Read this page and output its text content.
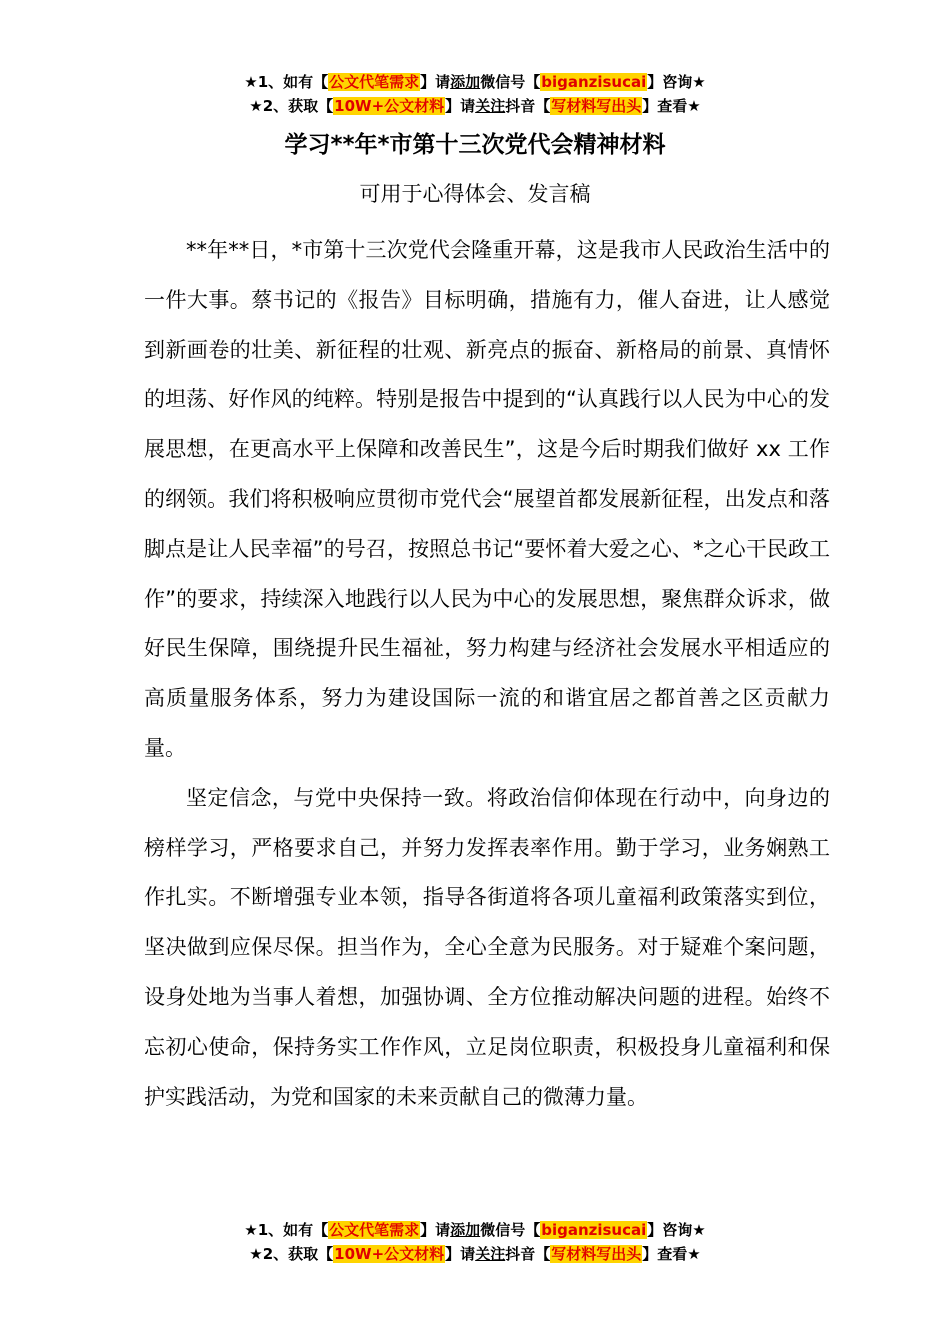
★1、如有【公文代笔需求】请添加微信号【biganzisucai】咨询★
★2、获取【10W+公文材料】请关注抖音【写材料写出头】查看★
学习**年*市第十三次党代会精神材料
可用于心得体会、发言稿

**年**日，*市第十三次党代会隆重开幕，这是我市人民政治生活中的一件大事。蔡书记的《报告》目标明确，措施有力，催人奋进，让人感觉到新画卷的壮美、新征程的壮观、新亮点的振奋、新格局的前景、真情怀的坦荡、好作风的纯粹。特别是报告中提到的“认真践行以人民为中心的发展思想，在更高水平上保障和改善民生”，这是今后时期我们做好 xx 工作的纲领。我们将积极响应贯彻市党代会“展望首都发展新征程，出发点和落脚点是让人民幸福”的号召，按照总书记“要怀着大爱之心、*之心干民政工作”的要求，持续深入地践行以人民为中心的发展思想，聚焦群众诉求，做好民生保障，围绕提升民生福祉，努力构建与经济社会发展水平相适应的高质量服务体系，努力为建设国际一流的和谐宜居之都首善之区贡献力量。

坚定信念，与党中央保持一致。将政治信仰体现在行动中，向身边的榜样学习，严格要求自己，并努力发挥表率作用。勤于学习，业务娴熟工作扎实。不断增强专业本领，指导各街道将各项儿童福利政策落实到位，坚决做到应保尽保。担当作为，全心全意为民服务。对于疑难个案问题，设身处地为当事人着想，加强协调、全方位推动解决问题的进程。始终不忘初心使命，保持务实工作作风，立足岗位职责，积极投身儿童福利和保护实践活动，为党和国家的未来贡献自己的微薄力量。

★1、如有【公文代笔需求】请添加微信号【biganzisucai】咨询★
★2、获取【10W+公文材料】请关注抖音【写材料写出头】查看★
